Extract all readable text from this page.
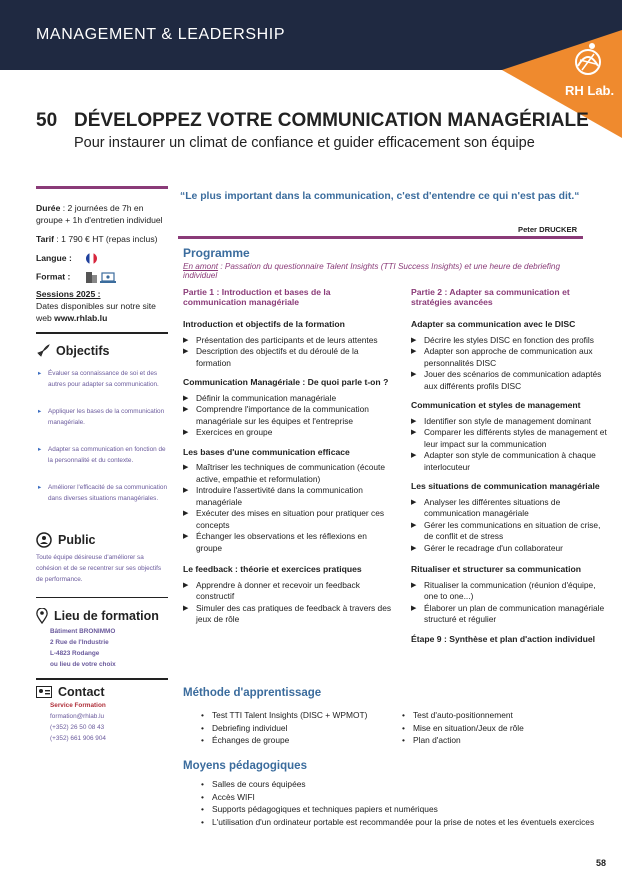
MANAGEMENT & LEADERSHIP
RH Lab.
50 DÉVELOPPEZ VOTRE COMMUNICATION MANAGÉRIALE
Pour instaurer un climat de confiance et guider efficacement son équipe
Durée : 2 journées de 7h en groupe + 1h d'entretien individuel
Tarif : 1 790 € HT (repas inclus)
Langue :
Format :
Sessions 2025 :
Dates disponibles sur notre site web www.rhlab.lu
Objectifs
▸ Évaluer sa connaissance de soi et des autres pour adapter sa communication.
▸ Appliquer les bases de la communication managériale.
▸ Adapter sa communication en fonction de la personnalité et du contexte.
▸ Améliorer l'efficacité de sa communication dans diverses situations managériales.
Public
Toute équipe désireuse d'améliorer sa cohésion et de se recentrer sur ses objectifs de performance.
Lieu de formation
Bâtiment BRONIMMO
2 Rue de l'Industrie
L-4823 Rodange
ou lieu de votre choix
Contact
Service Formation
formation@rhlab.lu
(+352) 26 50 08 43
(+352) 661 906 904
“Le plus important dans la communication, c'est d'entendre ce qui n'est pas dit.“
Peter DRUCKER
Programme
En amont : Passation du questionnaire Talent Insights (TTI Success Insights) et une heure de debriefing individuel
Partie 1 : Introduction et bases de la communication managériale
Introduction et objectifs de la formation
▶ Présentation des participants et de leurs attentes
▶ Description des objectifs et du déroulé de la formation
Communication Managériale : De quoi parle t-on ?
▶ Définir la communication managériale
▶ Comprendre l'importance de la communication managériale sur les équipes et l'entreprise
▶ Exercices en groupe
Les bases d'une communication efficace
▶ Maîtriser les techniques de communication (écoute active, empathie et reformulation)
▶ Introduire l'assertivité dans la communication managériale
▶ Exécuter des mises en situation pour pratiquer ces concepts
▶ Échanger les observations et les réflexions en groupe
Le feedback : théorie et exercices pratiques
▶ Apprendre à donner et recevoir un feedback constructif
▶ Simuler des cas pratiques de feedback à travers des jeux de rôle
Partie 2 : Adapter sa communication et stratégies avancées
Adapter sa communication avec le DISC
▶ Décrire les styles DISC en fonction des profils
▶ Adapter son approche de communication aux personnalités DISC
▶ Jouer des scénarios de communication adaptés aux différents profils DISC
Communication et styles de management
▶ Identifier son style de management dominant
▶ Comparer les différents styles de management et leur impact sur la communication
▶ Adapter son style de communication à chaque interlocuteur
Les situations de communication managériale
▶ Analyser les différentes situations de communication managériale
▶ Gérer les communications en situation de crise, de conflit et de stress
▶ Gérer le recadrage d'un collaborateur
Ritualiser et structurer sa communication
▶ Ritualiser la communication (réunion d'équipe, one to one...)
▶ Élaborer un plan de communication managériale structuré et régulier
Étape 9 : Synthèse et plan d'action individuel
Méthode d'apprentissage
• Test TTI Talent Insights (DISC + WPMOT)
• Debriefing individuel
• Échanges de groupe
• Test d'auto-positionnement
• Mise en situation/Jeux de rôle
• Plan d'action
Moyens pédagogiques
• Salles de cours équipées
• Accès WIFI
• Supports pédagogiques et techniques papiers et numériques
• L'utilisation d'un ordinateur portable est recommandée pour la prise de notes et les éventuels exercices
58
